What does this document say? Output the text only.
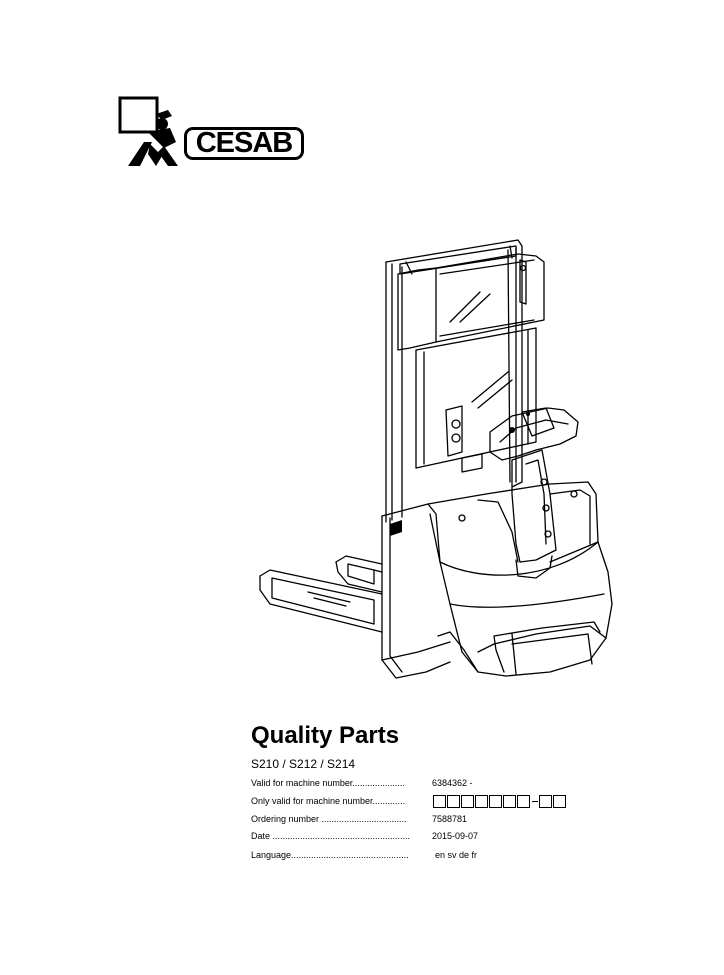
CESAB
Quality Parts

S210 / S212 / S214

Valid for machine number.....................	6384362 -
Only valid for machine number.............
Ordering number ..................................	7588781
Date ....................................................... 2015-09-07
Language...............................................	en sv de fr
